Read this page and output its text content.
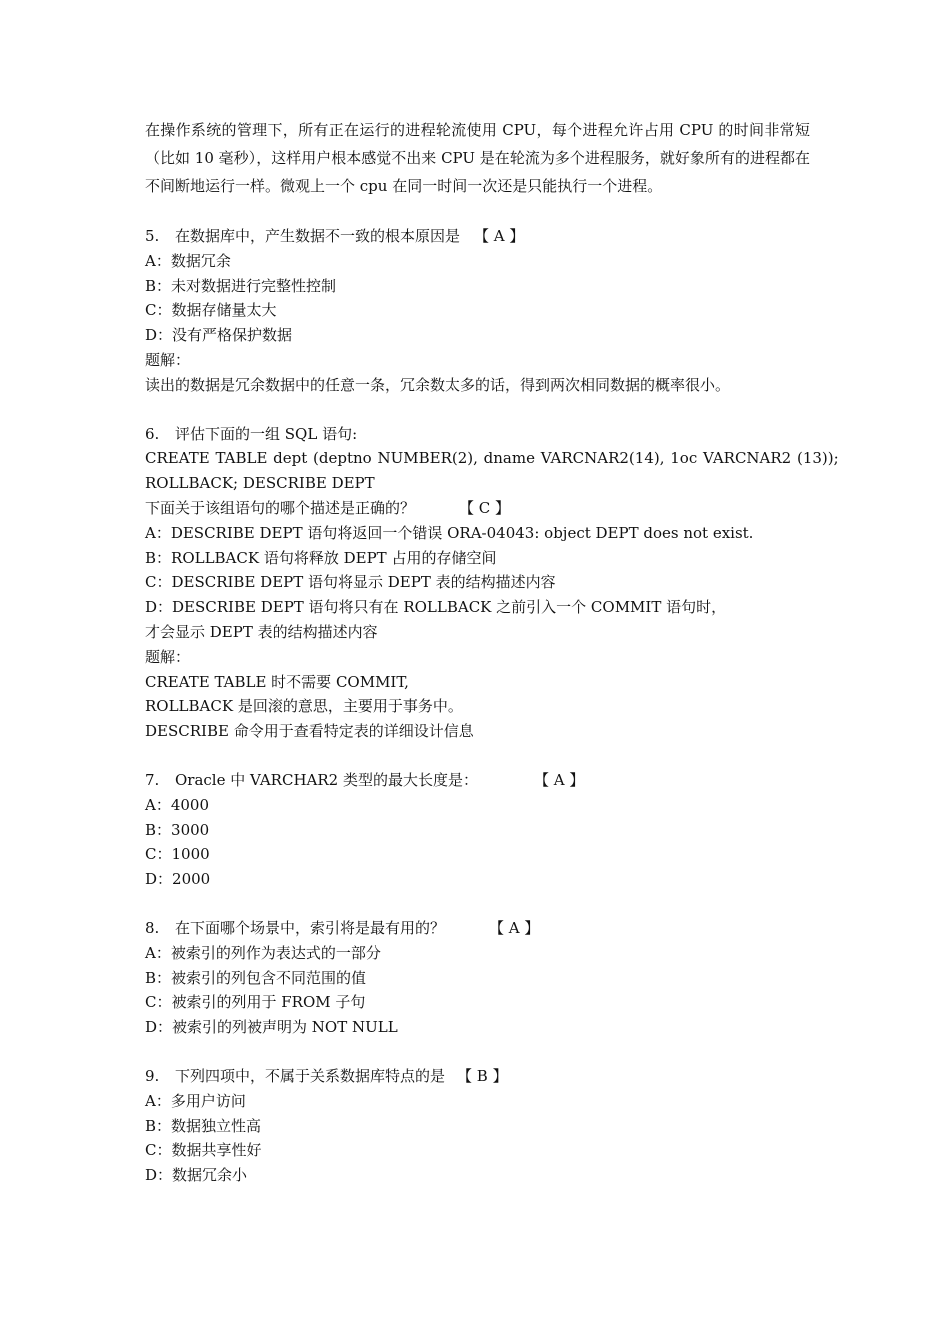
在操作系统的管理下，所有正在运行的进程轮流使用 CPU，每个进程允许占用 CPU 的时间非常短（比如 10 毫秒），这样用户根本感觉不出来 CPU 是在轮流为多个进程服务，就好象所有的进程都在不间断地运行一样。微观上一个 cpu 在同一时间一次还是只能执行一个进程。

5. 在数据库中，产生数据不一致的根本原因是 【 A 】
A：数据冗余
B：未对数据进行完整性控制
C：数据存储量太大
D：没有严格保护数据
题解：
读出的数据是冗余数据中的任意一条，冗余数太多的话，得到两次相同数据的概率很小。
6. 评估下面的一组 SQL 语句:
CREATE TABLE dept (deptno NUMBER(2), dname VARCNAR2(14), 1oc VARCNAR2 (13));
ROLLBACK; DESCRIBE DEPT
下面关于该组语句的哪个描述是正确的？	【 C 】
A：DESCRIBE DEPT 语句将返回一个错误 ORA-04043: object DEPT does not exist.
B：ROLLBACK 语句将释放 DEPT 占用的存储空间
C：DESCRIBE DEPT 语句将显示 DEPT 表的结构描述内容
D：DESCRIBE DEPT 语句将只有在 ROLLBACK 之前引入一个 COMMIT 语句时，
才会显示 DEPT 表的结构描述内容
题解：
CREATE TABLE 时不需要 COMMIT,
ROLLBACK 是回滚的意思，主要用于事务中。
DESCRIBE 命令用于查看特定表的详细设计信息
7. Oracle 中 VARCHAR2 类型的最大长度是：	【 A 】
A：4000
B：3000
C：1000
D：2000
8. 在下面哪个场景中，索引将是最有用的？	【 A 】
A：被索引的列作为表达式的一部分
B：被索引的列包含不同范围的值
C：被索引的列用于 FROM 子句
D：被索引的列被声明为 NOT NULL
9. 下列四项中，不属于关系数据库特点的是 【 B 】
A：多用户访问
B：数据独立性高
C：数据共享性好
D：数据冗余小
